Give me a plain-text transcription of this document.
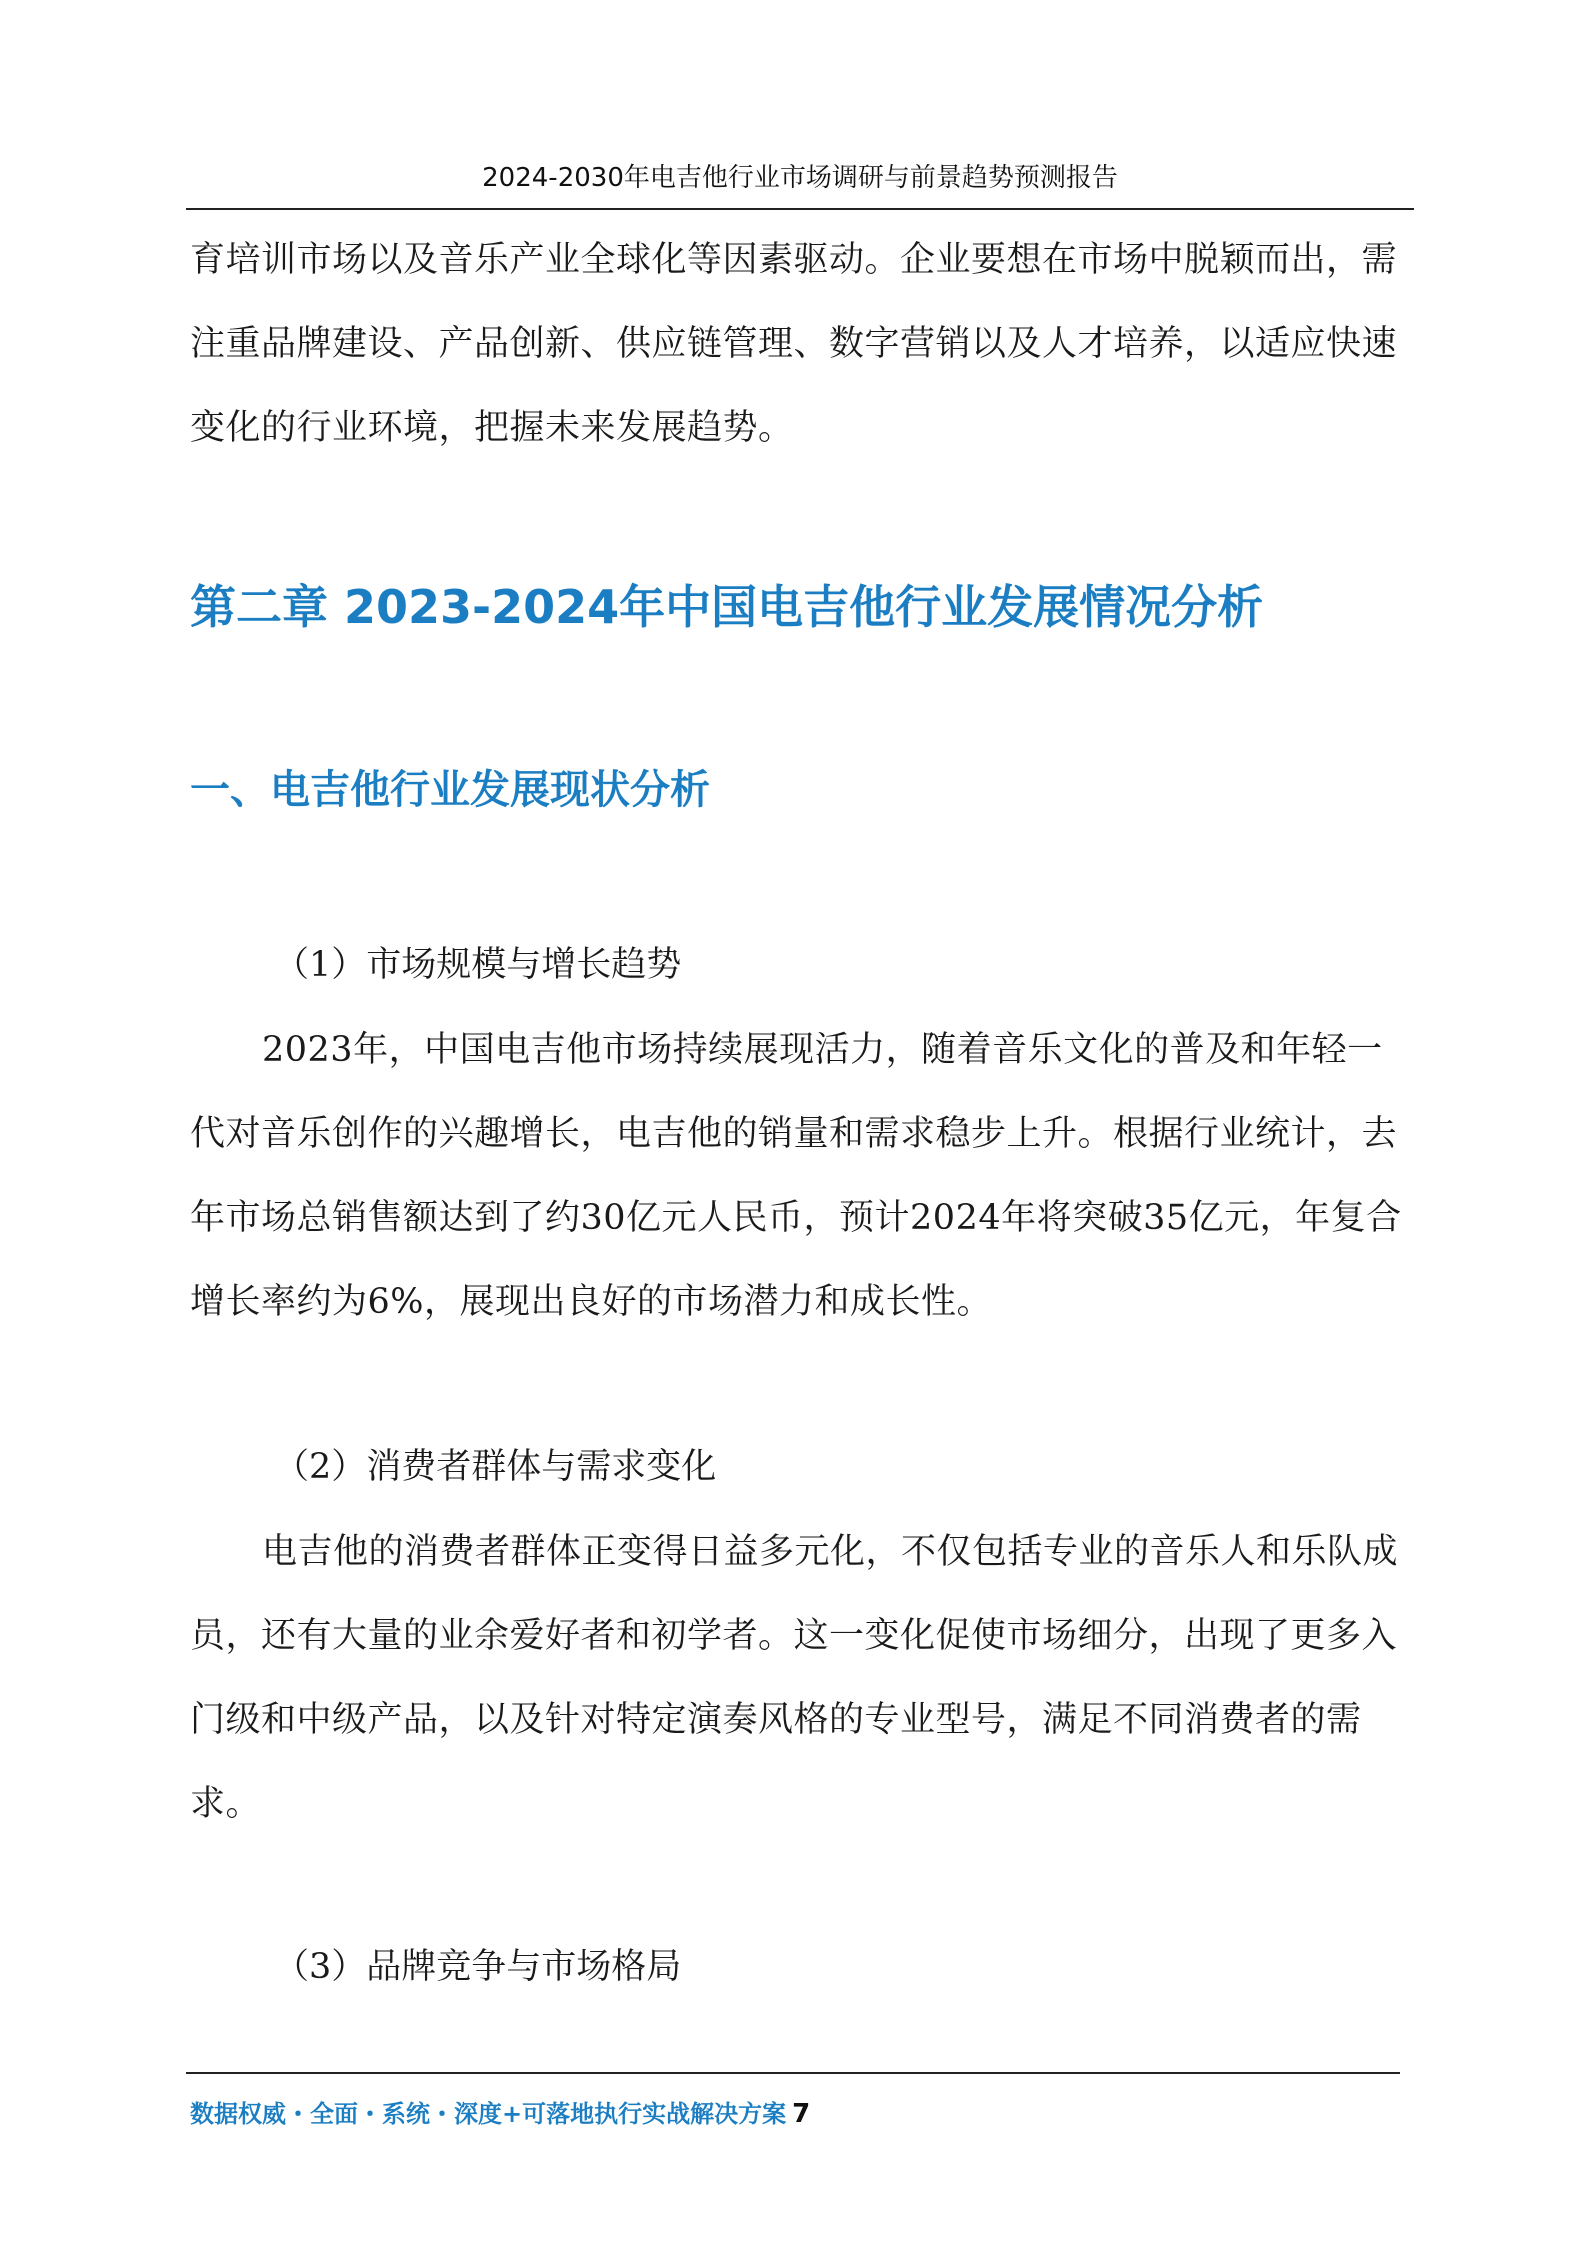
2024-2030年电吉他行业市场调研与前景趋势预测报告

育培训市场以及音乐产业全球化等因素驱动。企业要想在市场中脱颖而出，需注重品牌建设、产品创新、供应链管理、数字营销以及人才培养，以适应快速变化的行业环境，把握未来发展趋势。

第二章 2023-2024年中国电吉他行业发展情况分析
一、电吉他行业发展现状分析

（1）市场规模与增长趋势

2023年，中国电吉他市场持续展现活力，随着音乐文化的普及和年轻一代对音乐创作的兴趣增长，电吉他的销量和需求稳步上升。根据行业统计，去年市场总销售额达到了约30亿元人民币，预计2024年将突破35亿元，年复合增长率约为6%，展现出良好的市场潜力和成长性。

（2）消费者群体与需求变化

电吉他的消费者群体正变得日益多元化，不仅包括专业的音乐人和乐队成员，还有大量的业余爱好者和初学者。这一变化促使市场细分，出现了更多入门级和中级产品，以及针对特定演奏风格的专业型号，满足不同消费者的需求。

（3）品牌竞争与市场格局

数据权威・全面・系统・深度+可落地执行实战解决方案 7
